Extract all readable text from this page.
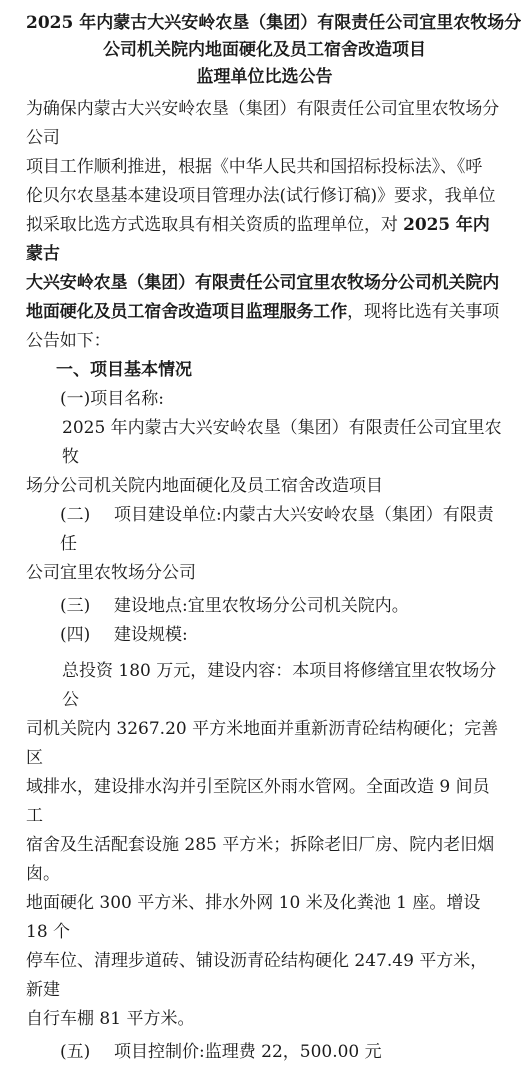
2025 年内蒙古大兴安岭农垦（集团）有限责任公司宜里农牧场分
公司机关院内地面硬化及员工宿舍改造项目
监理单位比选公告

为确保内蒙古大兴安岭农垦（集团）有限责任公司宜里农牧场分公司

项目工作顺利推进，根据《中华人民共和国招标投标法》、《呼

伦贝尔农垦基本建设项目管理办法(试行修订稿)》要求，我单位

拟采取比选方式选取具有相关资质的监理单位，对 2025 年内蒙古

大兴安岭农垦（集团）有限责任公司宜里农牧场分公司机关院内

地面硬化及员工宿舍改造项目监理服务工作，现将比选有关事项

公告如下：

一、项目基本情况

(一)项目名称:

2025 年内蒙古大兴安岭农垦（集团）有限责任公司宜里农牧

场分公司机关院内地面硬化及员工宿舍改造项目

(二) 项目建设单位:内蒙古大兴安岭农垦（集团）有限责任

公司宜里农牧场分公司

(三) 建设地点:宜里农牧场分公司机关院内。

(四) 建设规模:

总投资 180 万元，建设内容：本项目将修缮宜里农牧场分公

司机关院内 3267.20 平方米地面并重新沥青砼结构硬化；完善区

域排水，建设排水沟并引至院区外雨水管网。全面改造 9 间员工

宿舍及生活配套设施 285 平方米；拆除老旧厂房、院内老旧烟囱。

地面硬化 300 平方米、排水外网 10 米及化粪池 1 座。增设 18 个

停车位、清理步道砖、铺设沥青砼结构硬化 247.49 平方米，新建

自行车棚 81 平方米。

(五) 项目控制价:监理费 22，500.00 元
